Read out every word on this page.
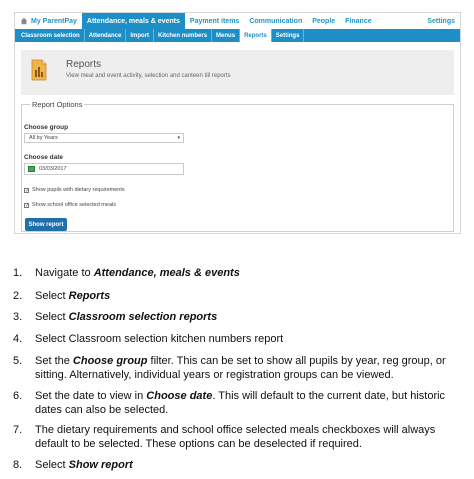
My ParentPay Attendance, meals & events Payment items Communication People Finance	Settings
Classroom selection Attendance Import Kitchen numbers Menus Reports Settings
Reports
View meal and event activity, selection and canteen till reports
Report Options
Choose group
All by Years	▾
Choose date
03/03/2017
✓ Show pupils with dietary requirements
✓ Show school office selected meals
Show report
1.	Navigate to Attendance, meals & events
2.	Select Reports
3.	Select Classroom selection reports
4.	Select Classroom selection kitchen numbers report
5.	Set the Choose group filter. This can be set to show all pupils by year, reg group, or sitting. Alternatively, individual years or registration groups can be viewed.
6.	Set the date to view in Choose date. This will default to the current date, but historic dates can also be selected.
7.	The dietary requirements and school office selected meals checkboxes will always default to be selected. These options can be deselected if required.
8.	Select Show report
